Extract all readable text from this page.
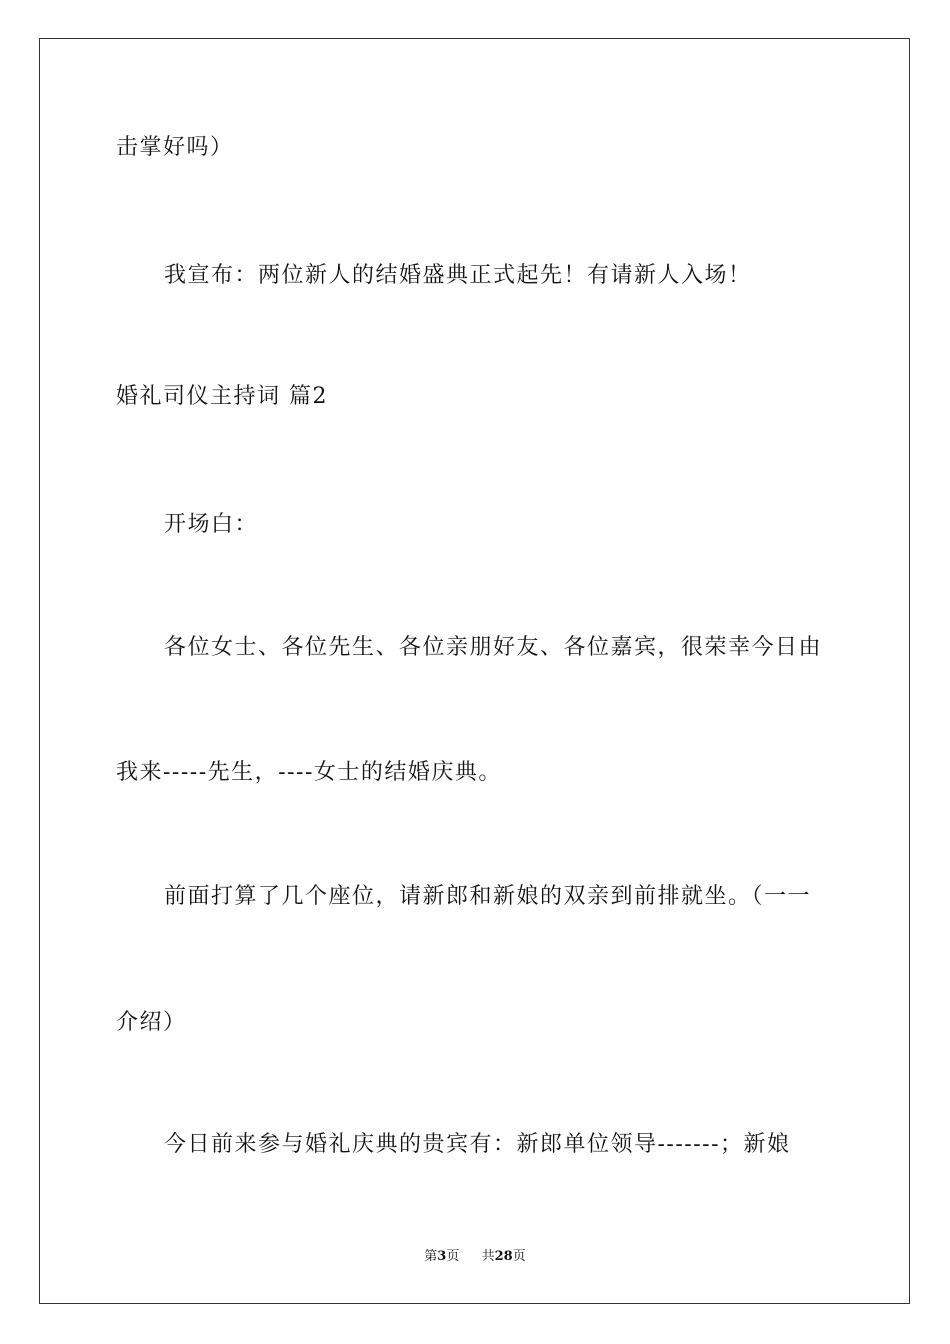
击掌好吗）
我宣布：两位新人的结婚盛典正式起先！有请新人入场！
婚礼司仪主持词 篇2
开场白：
各位女士、各位先生、各位亲朋好友、各位嘉宾，很荣幸今日由
我来-----先生，----女士的结婚庆典。
前面打算了几个座位，请新郎和新娘的双亲到前排就坐。（一一
介绍）
今日前来参与婚礼庆典的贵宾有：新郎单位领导-------；新娘
第3页 共28页
